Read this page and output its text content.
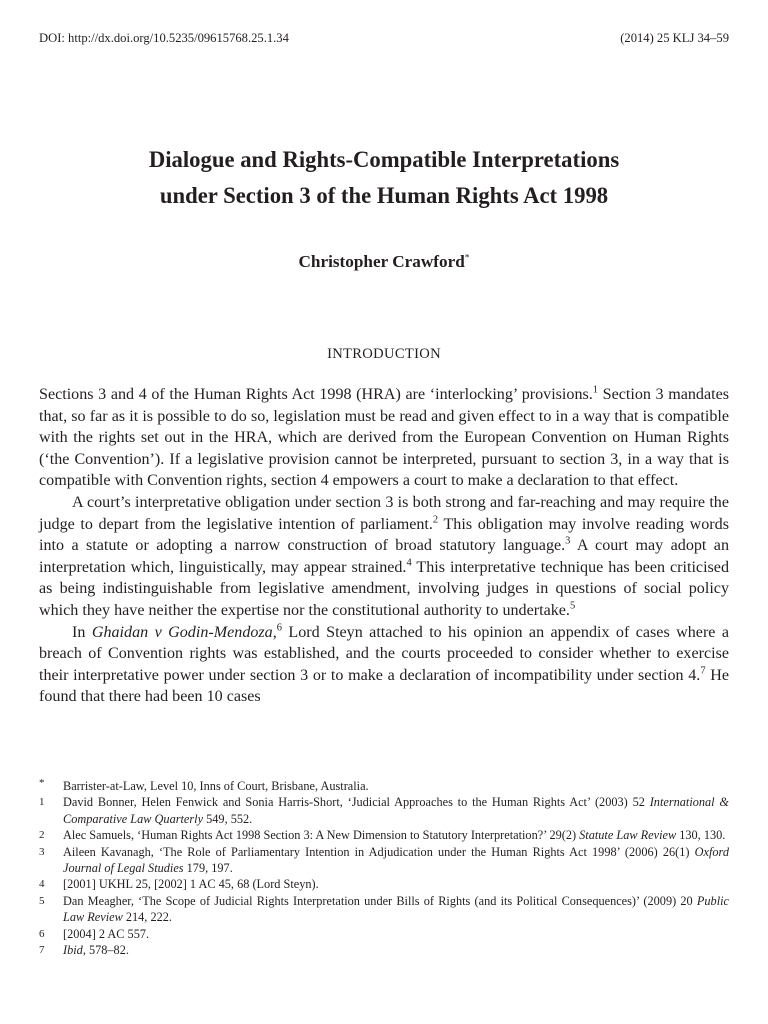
DOI: http://dx.doi.org/10.5235/09615768.25.1.34	(2014) 25 KLJ 34–59
Dialogue and Rights-Compatible Interpretations
under Section 3 of the Human Rights Act 1998
Christopher Crawford*
INTRODUCTION

Sections 3 and 4 of the Human Rights Act 1998 (HRA) are ‘interlocking’ provisions.$^1$ Section 3 mandates that, so far as it is possible to do so, legislation must be read and given effect to in a way that is compatible with the rights set out in the HRA, which are derived from the European Convention on Human Rights (‘the Convention’). If a legislative provision cannot be interpreted, pursuant to section 3, in a way that is compatible with Convention rights, section 4 empowers a court to make a declaration to that effect.

A court’s interpretative obligation under section 3 is both strong and far-reaching and may require the judge to depart from the legislative intention of parliament.$^2$ This obligation may involve reading words into a statute or adopting a narrow construction of broad statutory language.$^3$ A court may adopt an interpretation which, linguistically, may appear strained.$^4$ This interpretative technique has been criticised as being indistinguishable from legislative amendment, involving judges in questions of social policy which they have neither the expertise nor the constitutional authority to undertake.$^5$

In Ghaidan v Godin-Mendoza,$^6$ Lord Steyn attached to his opinion an appendix of cases where a breach of Convention rights was established, and the courts proceeded to consider whether to exercise their interpretative power under section 3 or to make a declaration of incompatibility under section 4.$^7$ He found that there had been 10 cases

* Barrister-at-Law, Level 10, Inns of Court, Brisbane, Australia.
1 David Bonner, Helen Fenwick and Sonia Harris-Short, ‘Judicial Approaches to the Human Rights Act’ (2003) 52 International & Comparative Law Quarterly 549, 552.
2 Alec Samuels, ‘Human Rights Act 1998 Section 3: A New Dimension to Statutory Interpretation?’ 29(2) Statute Law Review 130, 130.
3 Aileen Kavanagh, ‘The Role of Parliamentary Intention in Adjudication under the Human Rights Act 1998’ (2006) 26(1) Oxford Journal of Legal Studies 179, 197.
4 [2001] UKHL 25, [2002] 1 AC 45, 68 (Lord Steyn).
5 Dan Meagher, ‘The Scope of Judicial Rights Interpretation under Bills of Rights (and its Political Consequences)’ (2009) 20 Public Law Review 214, 222.
6 [2004] 2 AC 557.
7 Ibid, 578–82.
